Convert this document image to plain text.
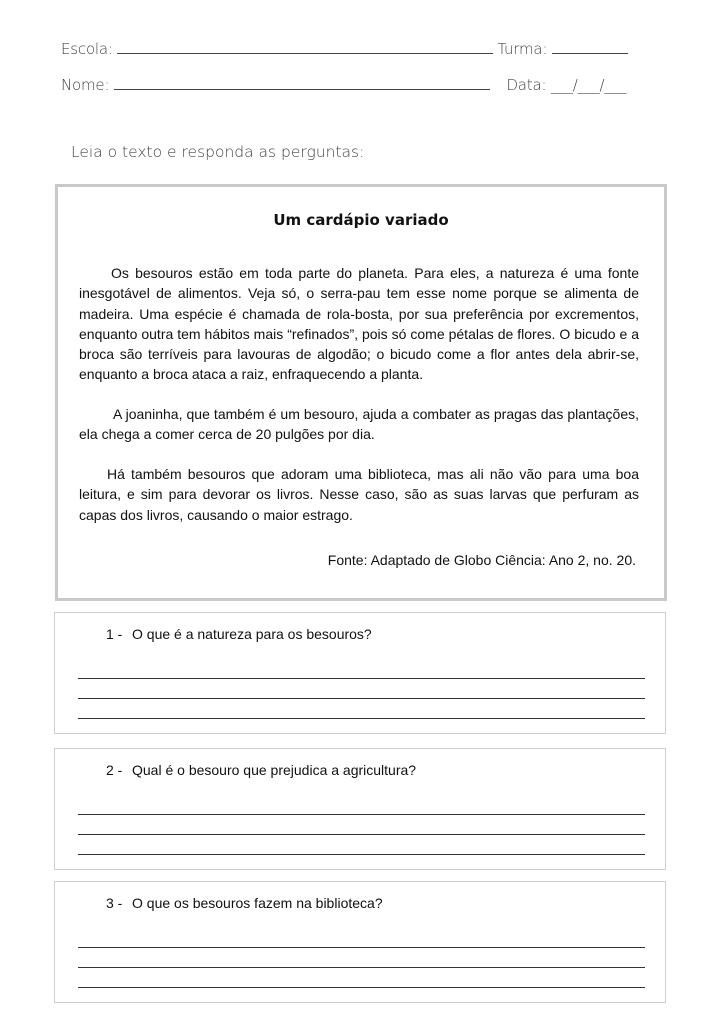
Escola:	Turma:
Nome:	Data: ___/___/___
Leia o texto e responda as perguntas:
Um cardápio variado
Os besouros estão em toda parte do planeta. Para eles, a natureza é uma fonte inesgotável de alimentos. Veja só, o serra-pau tem esse nome porque se alimenta de madeira. Uma espécie é chamada de rola-bosta, por sua preferência por excrementos, enquanto outra tem hábitos mais “refinados”, pois só come pétalas de flores. O bicudo e a broca são terríveis para lavouras de algodão; o bicudo come a flor antes dela abrir-se, enquanto a broca ataca a raiz, enfraquecendo a planta.
A joaninha, que também é um besouro, ajuda a combater as pragas das plantações, ela chega a comer cerca de 20 pulgões por dia.
Há também besouros que adoram uma biblioteca, mas ali não vão para uma boa leitura, e sim para devorar os livros. Nesse caso, são as suas larvas que perfuram as capas dos livros, causando o maior estrago.
Fonte: Adaptado de Globo Ciência: Ano 2, no. 20.
1 - O que é a natureza para os besouros?
2 - Qual é o besouro que prejudica a agricultura?
3 - O que os besouros fazem na biblioteca?
